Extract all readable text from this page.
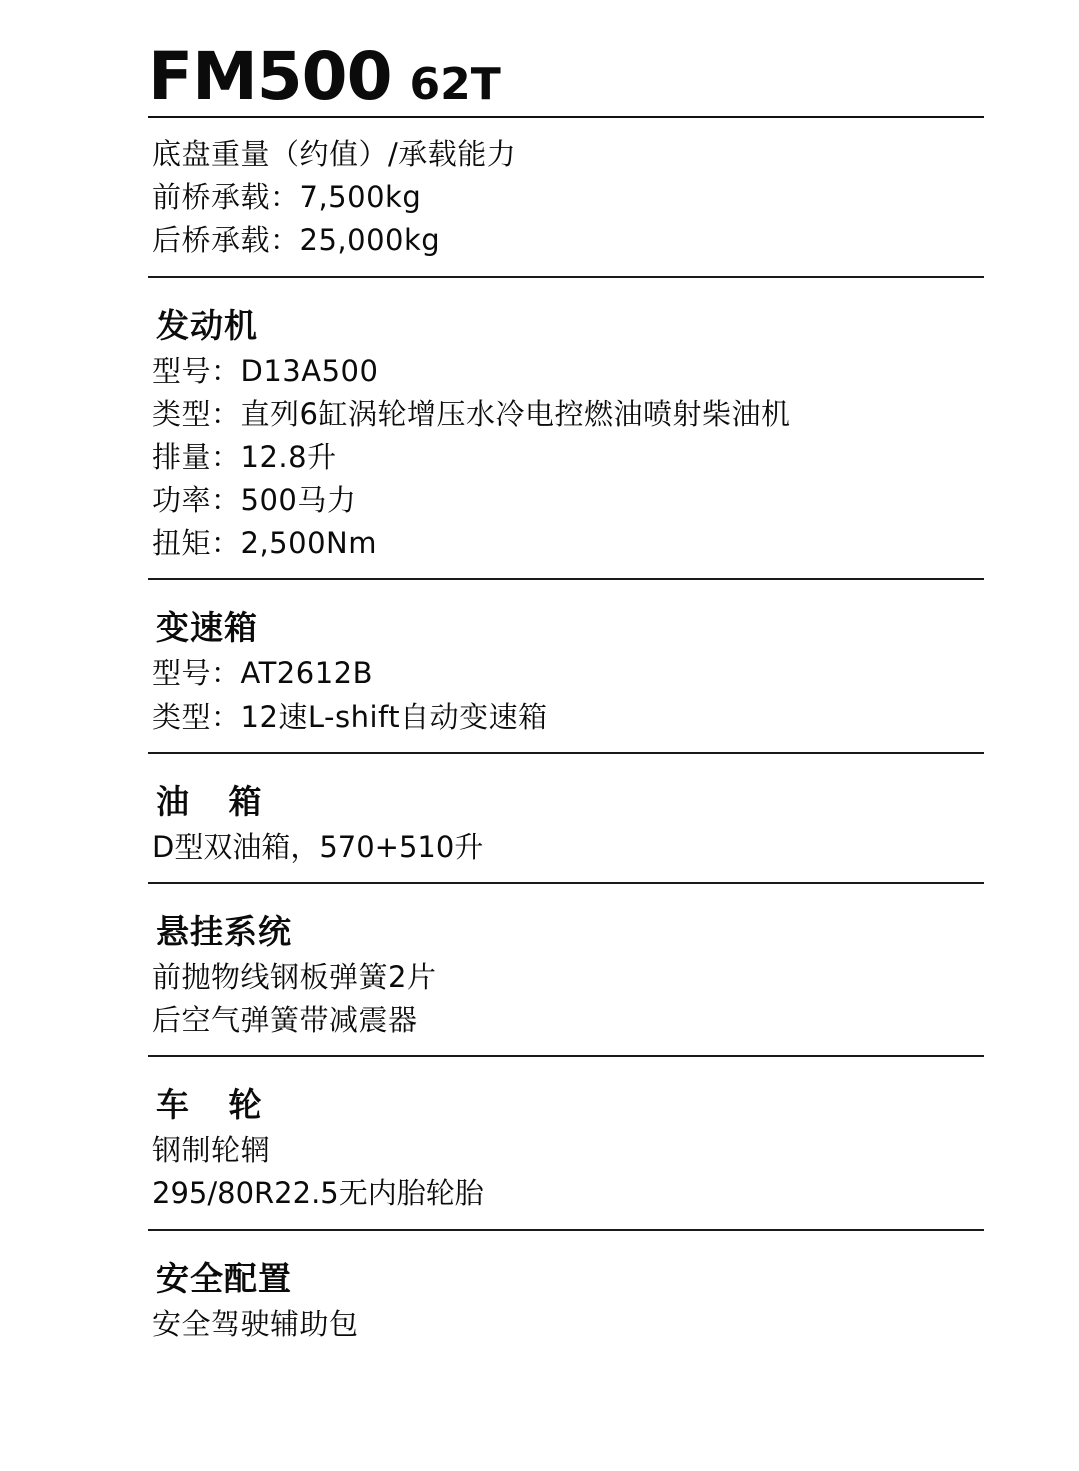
FM500 62T
底盘重量（约值）/承载能力
前桥承载：7,500kg
后桥承载：25,000kg
发动机
型号：D13A500
类型：直列6缸涡轮增压水冷电控燃油喷射柴油机
排量：12.8升
功率：500马力
扭矩：2,500Nm
变速箱
型号：AT2612B
类型：12速L-shift自动变速箱
油 箱
D型双油箱，570+510升
悬挂系统
前抛物线钢板弹簧2片
后空气弹簧带减震器
车 轮
钢制轮辋
295/80R22.5无内胎轮胎
安全配置
安全驾驶辅助包
